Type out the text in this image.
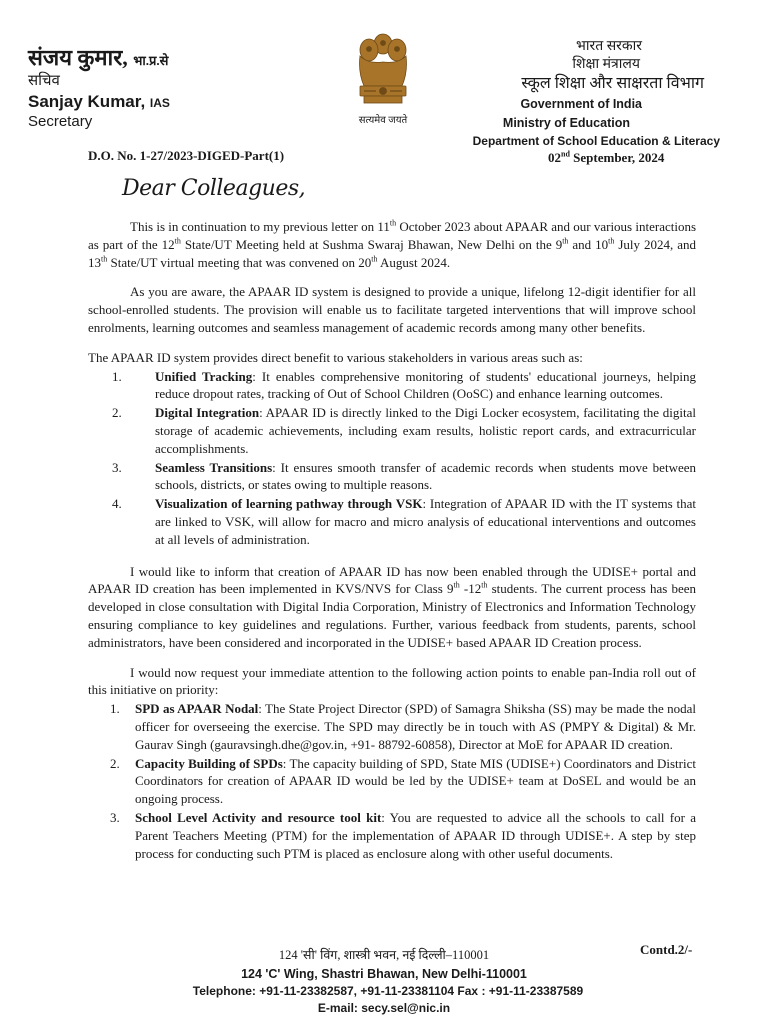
संजय कुमार, भा.प्र.से
सचिव
Sanjay Kumar, IAS
Secretary	सत्यमेव जयते
भारत सरकार
शिक्षा मंत्रालय
स्कूल शिक्षा और साक्षरता विभाग
Government of India
Ministry of Education
Department of School Education & Literacy
D.O. No. 1-27/2023-DIGED-Part(1)	02nd September, 2024
Dear Colleagues,

This is in continuation to my previous letter on 11th October 2023 about APAAR and our various interactions as part of the 12th State/UT Meeting held at Sushma Swaraj Bhawan, New Delhi on the 9th and 10th July 2024, and 13th State/UT virtual meeting that was convened on 20th August 2024.

As you are aware, the APAAR ID system is designed to provide a unique, lifelong 12-digit identifier for all school-enrolled students. The provision will enable us to facilitate targeted interventions that will improve school enrolments, learning outcomes and seamless management of academic records among many other benefits.

The APAAR ID system provides direct benefit to various stakeholders in various areas such as:

1.	Unified Tracking: It enables comprehensive monitoring of students' educational journeys, helping reduce dropout rates, tracking of Out of School Children (OoSC) and enhance learning outcomes.
2.	Digital Integration: APAAR ID is directly linked to the Digi Locker ecosystem, facilitating the digital storage of academic achievements, including exam results, holistic report cards, and extracurricular accomplishments.
3.	Seamless Transitions: It ensures smooth transfer of academic records when students move between schools, districts, or states owing to multiple reasons.
4.	Visualization of learning pathway through VSK: Integration of APAAR ID with the IT systems that are linked to VSK, will allow for macro and micro analysis of educational interventions and outcomes at all levels of administration.

I would like to inform that creation of APAAR ID has now been enabled through the UDISE+ portal and APAAR ID creation has been implemented in KVS/NVS for Class 9th -12th students. The current process has been developed in close consultation with Digital India Corporation, Ministry of Electronics and Information Technology ensuring compliance to key guidelines and regulations. Further, various feedback from students, parents, school administrators, have been considered and incorporated in the UDISE+ based APAAR ID Creation process.

I would now request your immediate attention to the following action points to enable pan-India roll out of this initiative on priority:

1. SPD as APAAR Nodal: The State Project Director (SPD) of Samagra Shiksha (SS) may be made the nodal officer for overseeing the exercise. The SPD may directly be in touch with AS (PMPY & Digital) & Mr. Gaurav Singh (gauravsingh.dhe@gov.in, +91- 88792-60858), Director at MoE for APAAR ID creation.
2. Capacity Building of SPDs: The capacity building of SPD, State MIS (UDISE+) Coordinators and District Coordinators for creation of APAAR ID would be led by the UDISE+ team at DoSEL and would be an ongoing process.
3. School Level Activity and resource tool kit: You are requested to advice all the schools to call for a Parent Teachers Meeting (PTM) for the implementation of APAAR ID through UDISE+. A step by step process for conducting such PTM is placed as enclosure along with other useful documents.
Contd.2/-
124 'सी' विंग, शास्त्री भवन, नई दिल्ली–110001
124 'C' Wing, Shastri Bhawan, New Delhi-110001
Telephone: +91-11-23382587, +91-11-23381104 Fax : +91-11-23387589
E-mail: secy.sel@nic.in
